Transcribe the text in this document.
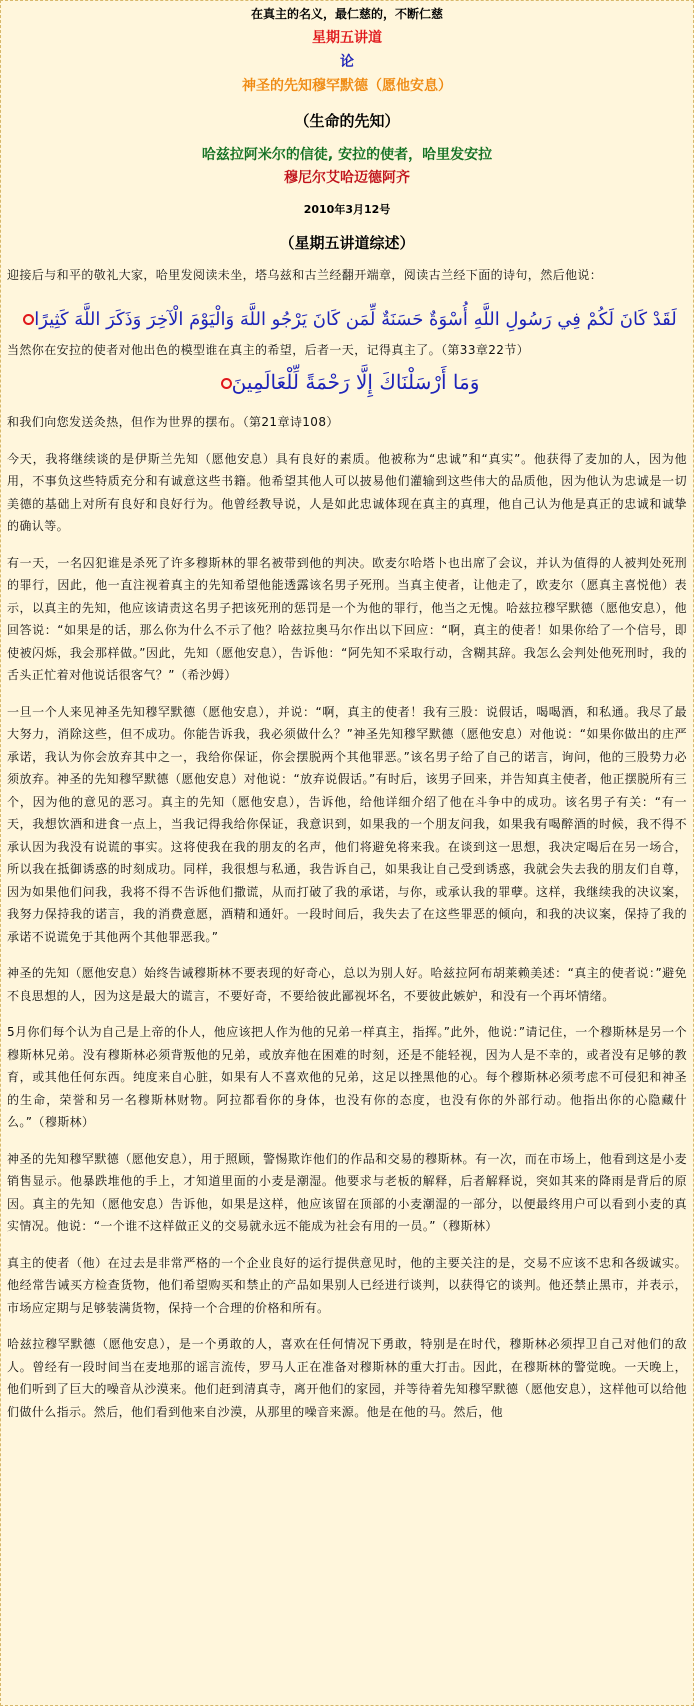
在真主的名义，最仁慈的，不断仁慈

星期五讲道

论

神圣的先知穆罕默德（愿他安息）

（生命的先知）

哈兹拉阿米尔的信徒, 安拉的使者，哈里发安拉

穆尼尔艾哈迈德阿齐

2010年3月12号

（星期五讲道综述）

迎接后与和平的敬礼大家，哈里发阅读未坐，塔乌兹和古兰经翻开端章，阅读古兰经下面的诗句，然后他说：

لَقَدْ كَانَ لَكُمْ فِي رَسُولِ اللَّهِ أُسْوَةٌ حَسَنَةٌ لِّمَن كَانَ يَرْجُو اللَّهَ وَالْيَوْمَ الْآخِرَ وَذَكَرَ اللَّهَ كَثِيرًا

当然你在安拉的使者对他出色的模型谁在真主的希望，后者一天，记得真主了。（第33章22节）

وَمَا أَرْسَلْنَاكَ إِلَّا رَحْمَةً لِّلْعَالَمِينَ

和我们向您发送灸热，但作为世界的摆布。（第21章诗108）

今天，我将继续谈的是伊斯兰先知（愿他安息）具有良好的素质。他被称为“忠诚”和“真实”。他获得了麦加的人，因为他用，不事负这些特质充分和有诚意这些书籍。他希望其他人可以披易他们灌输到这些伟大的品质他，因为他认为忠诚是一切美德的基础上对所有良好和良好行为。他曾经教导说，人是如此忠诚体现在真主的真理，他自己认为他是真正的忠诚和诚挚的确认等。

有一天，一名囚犯谁是杀死了许多穆斯林的罪名被带到他的判决。欧麦尔哈塔卜也出席了会议，并认为值得的人被判处死刑的罪行，因此，他一直注视着真主的先知希望他能透露该名男子死刑。当真主使者，让他走了，欧麦尔（愿真主喜悦他）表示，以真主的先知，他应该请责这名男子把该死刑的惩罚是一个为他的罪行，他当之无愧。哈兹拉穆罕默德（愿他安息），他回答说：“如果是的话，那么你为什么不示了他？哈兹拉奥马尔作出以下回应：“啊，真主的使者！如果你给了一个信号，即使被闪烁，我会那样做。”因此，先知（愿他安息），告诉他：“阿先知不采取行动，含糊其辞。我怎么会判处他死刑时，我的舌头正忙着对他说话很客气？”（希沙姆）

一旦一个人来见神圣先知穆罕默德（愿他安息），并说：“啊，真主的使者！我有三股：说假话，喝喝酒，和私通。我尽了最大努力，消除这些，但不成功。你能告诉我，我必须做什么？”神圣先知穆罕默德（愿他安息）对他说：“如果你做出的庄严承诺，我认为你会放弃其中之一，我给你保证，你会摆脱两个其他罪恶。”该名男子给了自己的诺言，询问，他的三股势力必须放弃。神圣的先知穆罕默德（愿他安息）对他说：“放弃说假话。”有时后，该男子回来，并告知真主使者，他正摆脱所有三个，因为他的意见的恶习。真主的先知（愿他安息），告诉他，给他详细介绍了他在斗争中的成功。该名男子有关：“有一天，我想饮酒和进食一点上，当我记得我给你保证，我意识到，如果我的一个朋友问我，如果我有喝醉酒的时候，我不得不承认因为我没有说谎的事实。这将使我在我的朋友的名声，他们将避免将来我。在谈到这一思想，我决定喝后在另一场合，所以我在抵御诱惑的时刻成功。同样，我很想与私通，我告诉自己，如果我让自己受到诱惑，我就会失去我的朋友们自尊，因为如果他们问我，我将不得不告诉他们撒谎，从而打破了我的承诺，与你，或承认我的罪孽。这样，我继续我的决议案，我努力保持我的诺言，我的消费意愿，酒精和通奸。一段时间后，我失去了在这些罪恶的倾向，和我的决议案，保持了我的承诺不说谎免于其他两个其他罪恶我。”

神圣的先知（愿他安息）始终告诫穆斯林不要表现的好奇心，总以为别人好。哈兹拉阿布胡莱赖美述：“真主的使者说：”避免不良思想的人，因为这是最大的谎言，不要好奇，不要给彼此鄙视坏名，不要彼此嫉妒，和没有一个再坏情绪。

5月你们每个认为自己是上帝的仆人，他应该把人作为他的兄弟一样真主，指挥。”此外，他说：”请记住，一个穆斯林是另一个穆斯林兄弟。没有穆斯林必须背叛他的兄弟，或放弃他在困难的时刻，还是不能轻视，因为人是不幸的，或者没有足够的教育，或其他任何东西。纯度来自心脏，如果有人不喜欢他的兄弟，这足以挫黑他的心。每个穆斯林必须考虑不可侵犯和神圣的生命，荣誉和另一名穆斯林财物。阿拉都看你的身体，也没有你的态度，也没有你的外部行动。他指出你的心隐藏什么。”（穆斯林）

神圣的先知穆罕默德（愿他安息），用于照顾，警惕欺诈他们的作品和交易的穆斯林。有一次，而在市场上，他看到这是小麦销售显示。他暴跌堆他的手上，才知道里面的小麦是潮湿。他要求与老板的解释，后者解释说，突如其来的降雨是背后的原因。真主的先知（愿他安息）告诉他，如果是这样，他应该留在顶部的小麦潮湿的一部分，以便最终用户可以看到小麦的真实情况。他说：“一个谁不这样做正义的交易就永远不能成为社会有用的一员。”（穆斯林）

真主的使者（他）在过去是非常严格的一个企业良好的运行提供意见时，他的主要关注的是，交易不应该不忠和各级诚实。他经常告诫买方检查货物，他们希望购买和禁止的产品如果别人已经进行谈判，以获得它的谈判。他还禁止黑市，并表示，市场应定期与足够装满货物，保持一个合理的价格和所有。

哈兹拉穆罕默德（愿他安息），是一个勇敢的人，喜欢在任何情况下勇敢，特别是在时代，穆斯林必须捍卫自己对他们的敌人。曾经有一段时间当在麦地那的谣言流传，罗马人正在准备对穆斯林的重大打击。因此，在穆斯林的警觉晚。一天晚上，他们听到了巨大的噪音从沙漠来。他们赶到清真寺，离开他们的家园，并等待着先知穆罕默德（愿他安息），这样他可以给他们做什么指示。然后，他们看到他来自沙漠，从那里的噪音来源。他是在他的马。然后，他
